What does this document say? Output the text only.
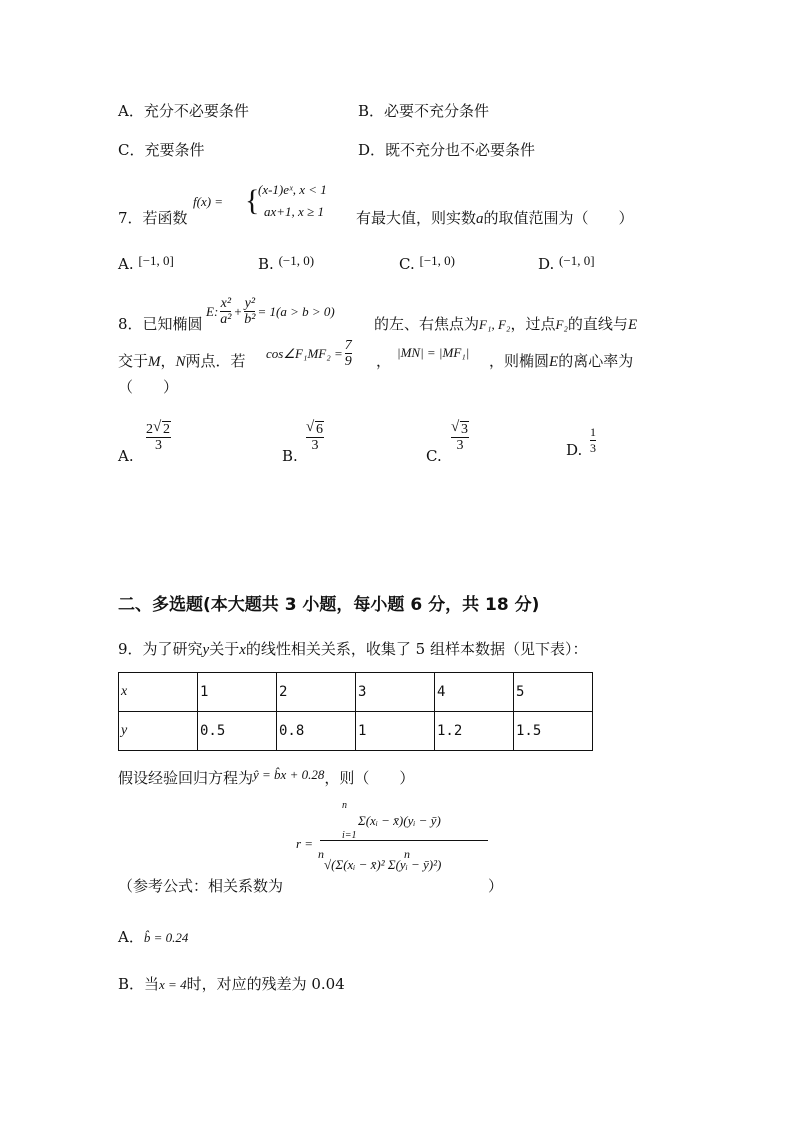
A．充分不必要条件	B．必要不充分条件
C．充要条件	D．既不充分也不必要条件
7．若函数
f(x) = {
(x-1)eˣ, x < 1
ax+1, x ≥ 1 有最大值，则实数a的取值范围为（　　）
A. [−1, 0]	B. (−1, 0)	C. [−1, 0)	D. (−1, 0]
8．已知椭圆
E: $\frac{\text{x²}}{\text{a²}} + \frac{\text{y²}}{\text{b²}} = 1(a > b > 0)$
的左、右焦点为F₁, F₂，过点F₂的直线与E
交于M，N两点．若 cos∠F₁MF₂ = $\frac{7}{9}$ ， |MN| = |MF₁| ，则椭圆E的离心率为
（　　）
A.
2 √ 2
3
B.
√ 6
3
C.
√ 3
3	D.
1
3
二、多选题(本大题共 3 小题，每小题 6 分，共 18 分)
9．为了研究y关于x的线性相关关系，收集了 5 组样本数据（见下表）：
x	1	2	3	4	5
y	0.5	0.8	1	1.2	1.5
假设经验回归方程为ŷ = b̂x + 0.28，则（　　）
r =
n
i=1
Σ(xᵢ − x̄)(yᵢ − ȳ)
n	n
√(Σ(xᵢ − x̄)² Σ(yᵢ − ȳ)²)
（参考公式：相关系数为	）
A．b̂ = 0.24
B．当x = 4时，对应的残差为 0.04
